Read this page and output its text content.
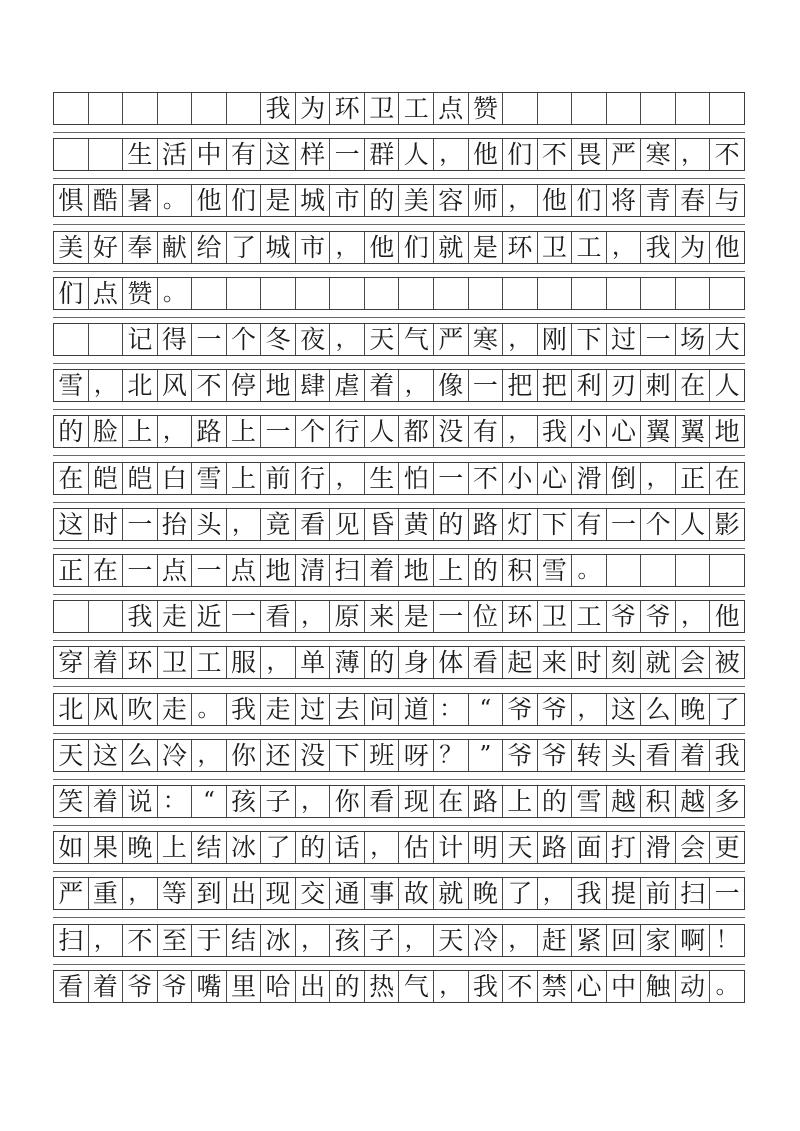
我 为 环 卫 工 点 赞
生 活 中 有 这 样 一 群 人 ， 他 们 不 畏 严 寒 ， 不
惧 酷 暑 。 他 们 是 城 市 的 美 容 师 ， 他 们 将 青 春 与
美 好 奉 献 给 了 城 市 ， 他 们 就 是 环 卫 工 ， 我 为 他
们 点 赞 。
记 得 一 个 冬 夜 ， 天 气 严 寒 ， 刚 下 过 一 场 大
雪 ， 北 风 不 停 地 肆 虐 着 ， 像 一 把 把 利 刃 刺 在 人
的 脸 上 ， 路 上 一 个 行 人 都 没 有 ， 我 小 心 翼 翼 地
在 皑 皑 白 雪 上 前 行 ， 生 怕 一 不 小 心 滑 倒 ， 正 在
这 时 一 抬 头 ， 竟 看 见 昏 黄 的 路 灯 下 有 一 个 人 影
正 在 一 点 一 点 地 清 扫 着 地 上 的 积 雪 。
我 走 近 一 看 ， 原 来 是 一 位 环 卫 工 爷 爷 ， 他
穿 着 环 卫 工 服 ， 单 薄 的 身 体 看 起 来 时 刻 就 会 被
北 风 吹 走 。 我 走 过 去 问 道 ： “ 爷 爷 ， 这 么 晚 了
天 这 么 冷 ， 你 还 没 下 班 呀 ？ ” 爷 爷 转 头 看 着 我
笑 着 说 ： “ 孩 子 ， 你 看 现 在 路 上 的 雪 越 积 越 多
如 果 晚 上 结 冰 了 的 话 ， 估 计 明 天 路 面 打 滑 会 更
严 重 ， 等 到 出 现 交 通 事 故 就 晚 了 ， 我 提 前 扫 一
扫 ， 不 至 于 结 冰 ， 孩 子 ， 天 冷 ， 赶 紧 回 家 啊 ！
看 着 爷 爷 嘴 里 哈 出 的 热 气 ， 我 不 禁 心 中 触 动 。
